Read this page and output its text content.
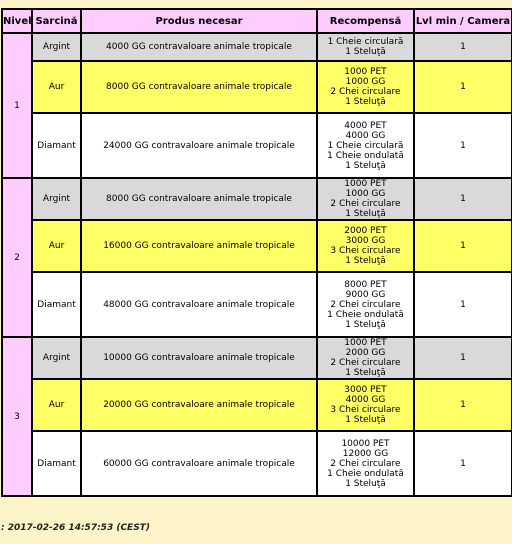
Nivel	Sarcină	Produs necesar	Recompensă	Lvl min / Camera
1	Argint	4000 GG contravaloare animale tropicale	1 Cheie circulară
1 Steluţă	1
	Aur	8000 GG contravaloare animale tropicale	1000 PET
1000 GG
2 Chei circulare
1 Steluţă	1
	Diamant	24000 GG contravaloare animale tropicale	4000 PET
4000 GG
1 Cheie circulară
1 Cheie ondulată
1 Steluţă	1
2	Argint	8000 GG contravaloare animale tropicale	1000 PET
1000 GG
2 Chei circulare
1 Steluţă	1
	Aur	16000 GG contravaloare animale tropicale	2000 PET
3000 GG
3 Chei circulare
1 Steluţă	1
	Diamant	48000 GG contravaloare animale tropicale	8000 PET
9000 GG
2 Chei circulare
1 Cheie ondulată
1 Steluţă	1
3	Argint	10000 GG contravaloare animale tropicale	1000 PET
2000 GG
2 Chei circulare
1 Steluţă	1
	Aur	20000 GG contravaloare animale tropicale	3000 PET
4000 GG
3 Chei circulare
1 Steluţă	1
	Diamant	60000 GG contravaloare animale tropicale	10000 PET
12000 GG
2 Chei circulare
1 Cheie ondulată
1 Steluţă	1
: 2017-02-26 14:57:53 (CEST)
